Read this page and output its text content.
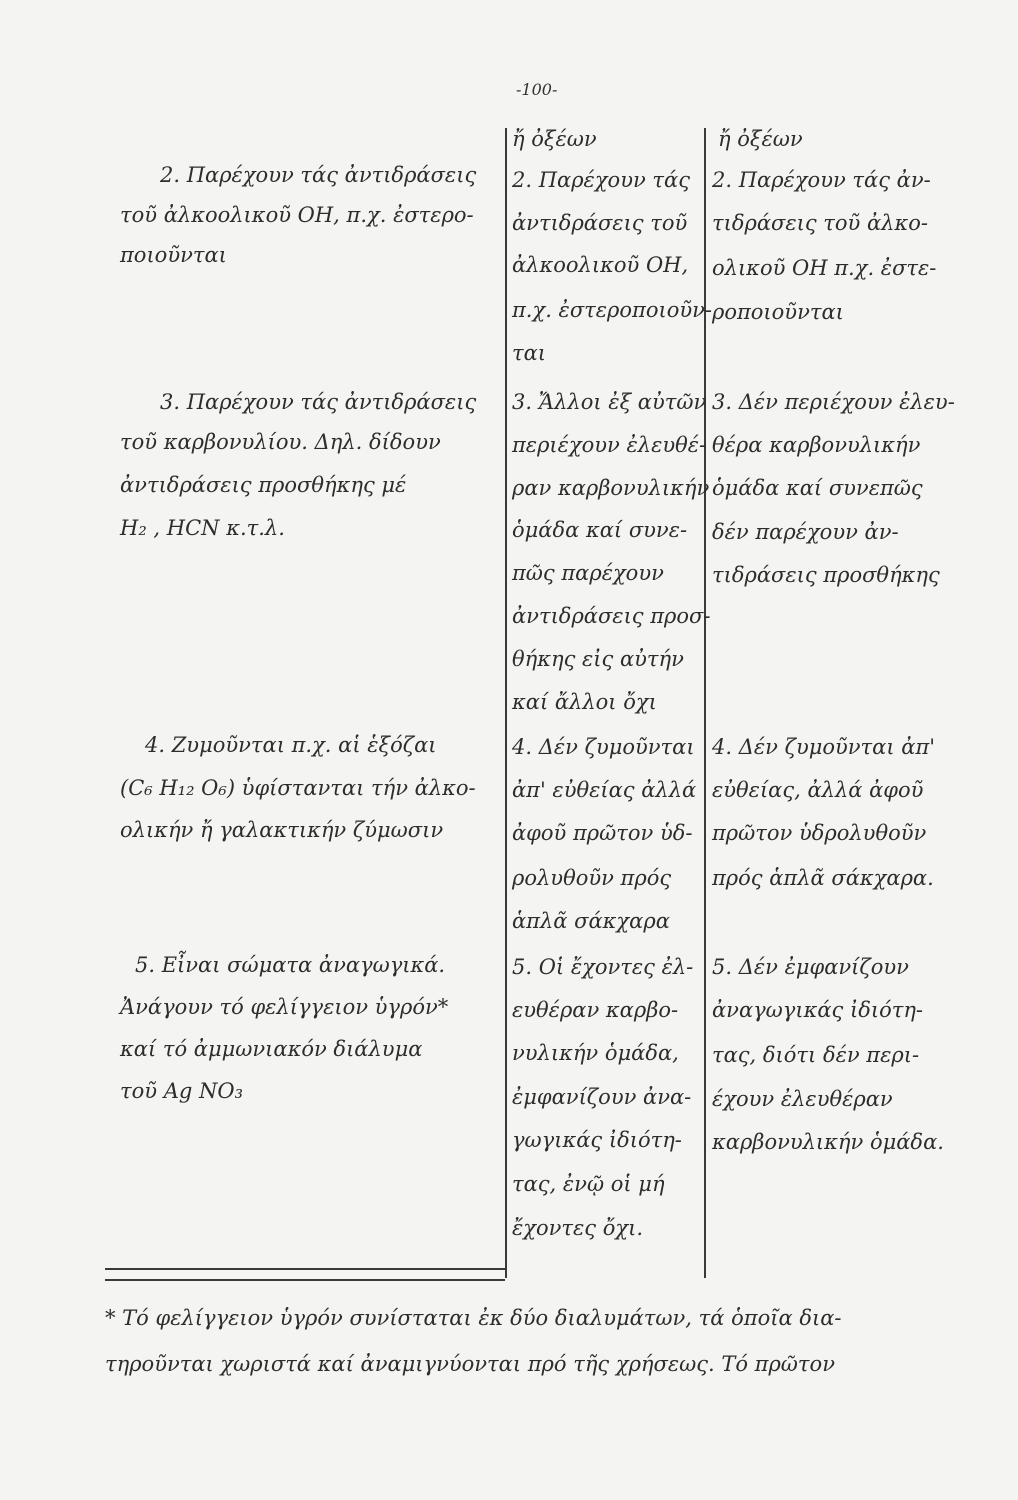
-100-
2. Παρέχουν τάς ἀντιδράσεις
τοῦ ἀλκοολικοῦ ΟΗ, π.χ. ἐστερο-
ποιοῦνται
3. Παρέχουν τάς ἀντιδράσεις
τοῦ καρβονυλίου. Δηλ. δίδουν
ἀντιδράσεις προσθήκης μέ
H₂ , HCN κ.τ.λ.
4. Ζυμοῦνται π.χ. αἱ ἑξόζαι
(C₆ H₁₂ O₆) ὑφίστανται τήν ἀλκο-
ολικήν ἤ γαλακτικήν ζύμωσιν
5. Εἶναι σώματα ἀναγωγικά.
Ἀνάγουν τό φελίγγειον ὑγρόν*
καί τό ἀμμωνιακόν διάλυμα
τοῦ Ag NO₃
ἤ ὀξέων
2. Παρέχουν τάς
ἀντιδράσεις τοῦ
ἀλκοολικοῦ ΟΗ,
π.χ. ἐστεροποιοῦν-
ται
3. Ἄλλοι ἐξ αὐτῶν
περιέχουν ἐλευθέ-
ραν καρβονυλικήν
ὁμάδα καί συνε-
πῶς παρέχουν
ἀντιδράσεις προσ-
θήκης εἰς αὐτήν
καί ἄλλοι ὄχι
4. Δέν ζυμοῦνται
ἀπ' εὐθείας ἀλλά
ἀφοῦ πρῶτον ὑδ-
ρολυθοῦν πρός
ἁπλᾶ σάκχαρα
5. Οἱ ἔχοντες ἐλ-
ευθέραν καρβο-
νυλικήν ὁμάδα,
ἐμφανίζουν ἀνα-
γωγικάς ἰδιότη-
τας, ἐνῷ οἱ μή
ἔχοντες ὄχι.
ἤ ὀξέων
2. Παρέχουν τάς ἀν-
τιδράσεις τοῦ ἀλκο-
ολικοῦ ΟΗ π.χ. ἐστε-
ροποιοῦνται
3. Δέν περιέχουν ἐλευ-
θέρα καρβονυλικήν
ὁμάδα καί συνεπῶς
δέν παρέχουν ἀν-
τιδράσεις προσθήκης
4. Δέν ζυμοῦνται ἀπ'
εὐθείας, ἀλλά ἀφοῦ
πρῶτον ὑδρολυθοῦν
πρός ἁπλᾶ σάκχαρα.
5. Δέν ἐμφανίζουν
ἀναγωγικάς ἰδιότη-
τας, διότι δέν περι-
έχουν ἐλευθέραν
καρβονυλικήν ὁμάδα.
* Τό φελίγγειον ὑγρόν συνίσταται ἐκ δύο διαλυμάτων, τά ὁποῖα δια-
τηροῦνται χωριστά καί ἀναμιγνύονται πρό τῆς χρήσεως. Τό πρῶτον
